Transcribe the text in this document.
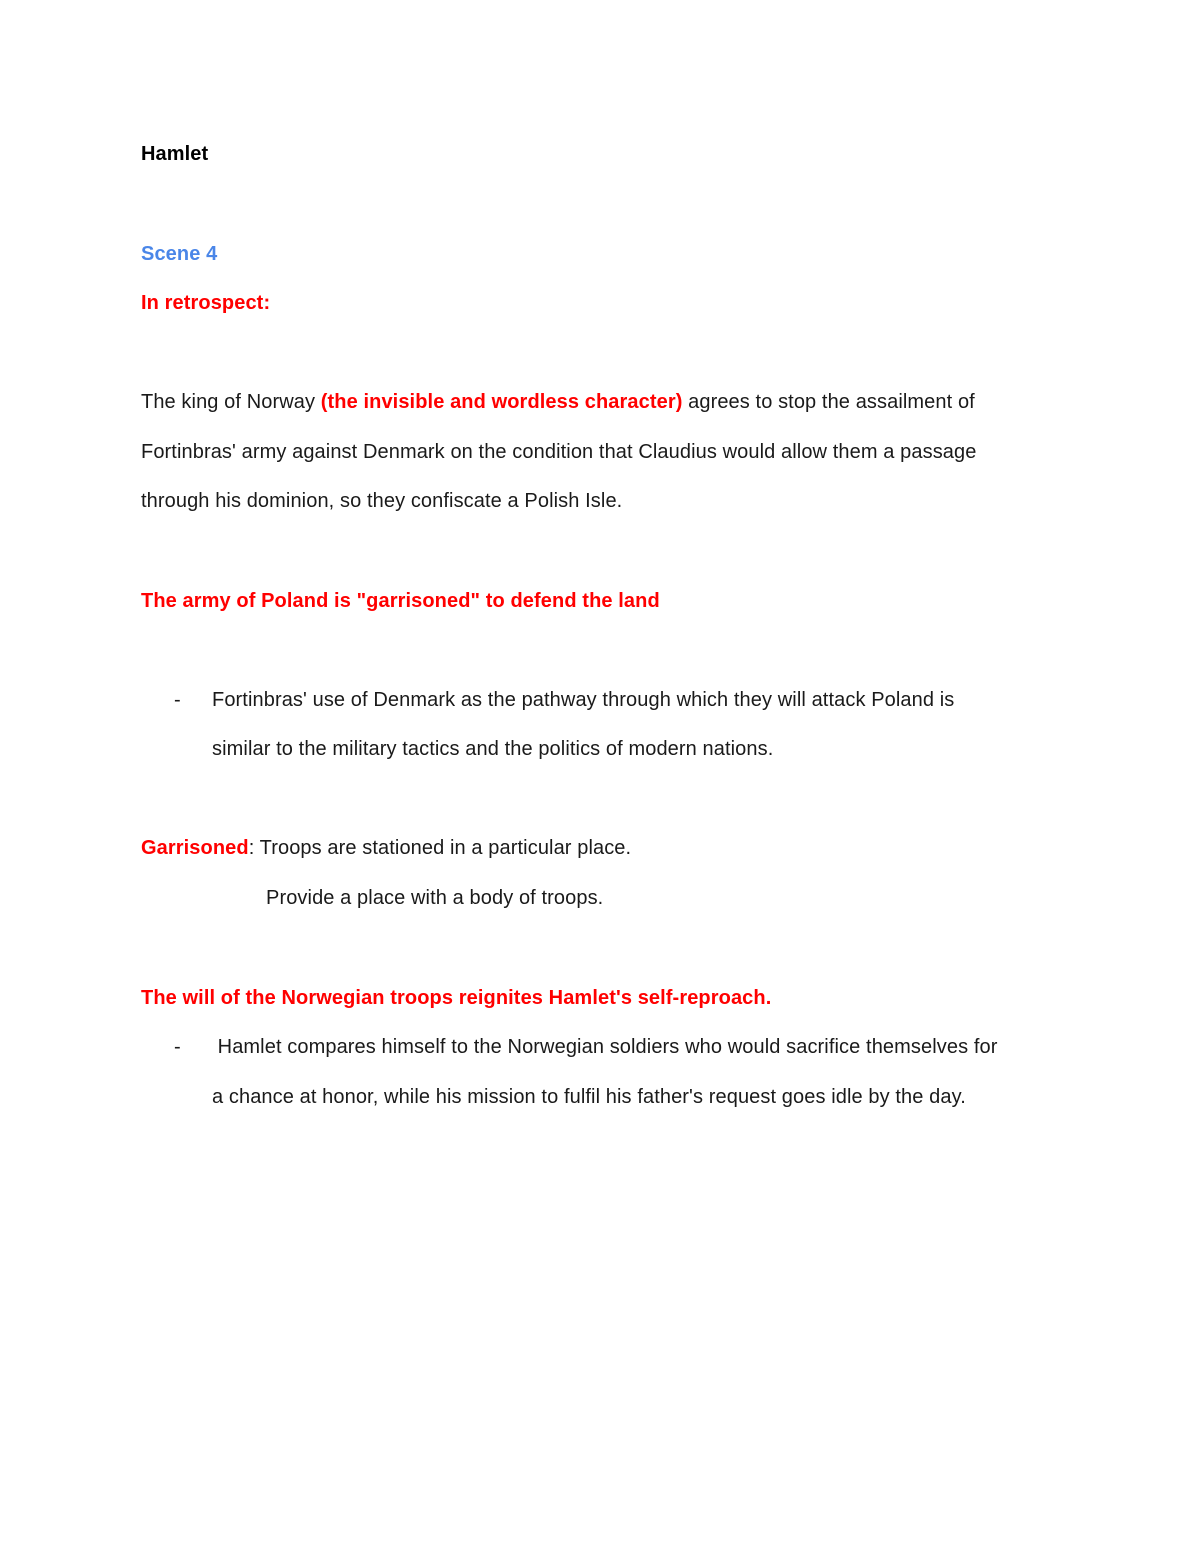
Hamlet
Scene 4
In retrospect:
The king of Norway (the invisible and wordless character) agrees to stop the assailment of
Fortinbras' army against Denmark on the condition that Claudius would allow them a passage
through his dominion, so they confiscate a Polish Isle.
The army of Poland is "garrisoned" to defend the land
- Fortinbras' use of Denmark as the pathway through which they will attack Poland is
similar to the military tactics and the politics of modern nations.
Garrisoned: Troops are stationed in a particular place.
Provide a place with a body of troops.
The will of the Norwegian troops reignites Hamlet's self-reproach.
- Hamlet compares himself to the Norwegian soldiers who would sacrifice themselves for
a chance at honor, while his mission to fulfil his father's request goes idle by the day.
